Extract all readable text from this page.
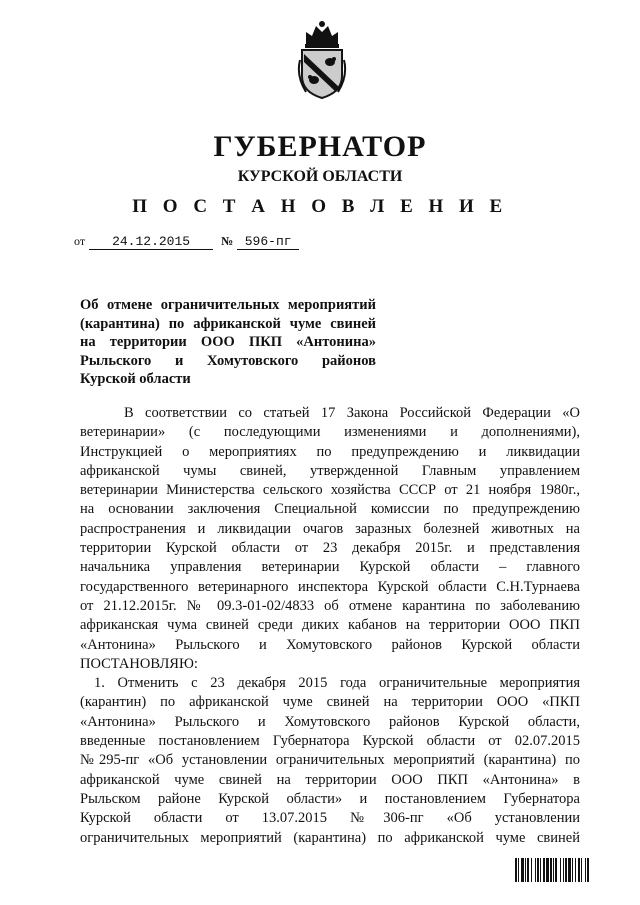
ГУБЕРНАТОР
КУРСКОЙ ОБЛАСТИ
П О С Т А Н О В Л Е Н И Е
от 24.12.2015	№ 596-пг
Об отмене ограничительных мероприятий
(карантина) по африканской чуме свиней
на территории ООО ПКП «Антонина»
Рыльского и Хомутовского районов
Курской области
В соответствии со статьей 17 Закона Российской Федерации «О
ветеринарии» (с последующими изменениями и дополнениями),
Инструкцией о мероприятиях по предупреждению и ликвидации
африканской чумы свиней, утвержденной Главным управлением
ветеринарии Министерства сельского хозяйства СССР от 21 ноября 1980г.,
на основании заключения Специальной комиссии по предупреждению
распространения и ликвидации очагов заразных болезней животных на
территории Курской области от 23 декабря 2015г. и представления
начальника управления ветеринарии Курской области – главного
государственного ветеринарного инспектора Курской области С.Н.Турнаева
от 21.12.2015г. № 09.3-01-02/4833 об отмене карантина по заболеванию
африканская чума свиней среди диких кабанов на территории ООО ПКП
«Антонина» Рыльского и Хомутовского районов Курской области
ПОСТАНОВЛЯЮ:
1. Отменить с 23 декабря 2015 года ограничительные мероприятия
(карантин) по африканской чуме свиней на территории ООО «ПКП
«Антонина» Рыльского и Хомутовского районов Курской области,
введенные постановлением Губернатора Курской области от 02.07.2015
№295-пг «Об установлении ограничительных мероприятий (карантина) по
африканской чуме свиней на территории ООО ПКП «Антонина» в
Рыльском районе Курской области» и постановлением Губернатора
Курской области от 13.07.2015 №306-пг «Об установлении
ограничительных мероприятий (карантина) по африканской чуме свиней
